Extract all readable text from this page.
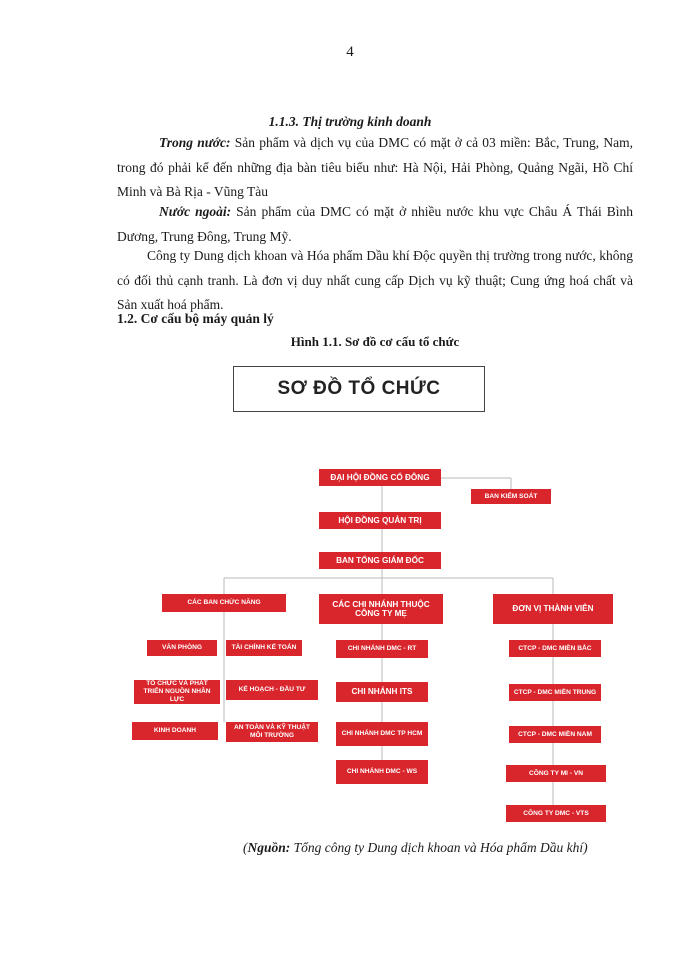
4
1.1.3. Thị trường kinh doanh

Trong nước: Sản phẩm và dịch vụ của DMC có mặt ở cả 03 miền: Bắc, Trung, Nam, trong đó phải kể đến những địa bàn tiêu biểu như: Hà Nội, Hải Phòng, Quảng Ngãi, Hồ Chí Minh và Bà Rịa - Vũng Tàu

Nước ngoài: Sản phẩm của DMC có mặt ở nhiều nước khu vực Châu Á Thái Bình Dương, Trung Đông, Trung Mỹ.

Công ty Dung dịch khoan và Hóa phẩm Dầu khí Độc quyền thị trường trong nước, không có đối thủ cạnh tranh. Là đơn vị duy nhất cung cấp Dịch vụ kỹ thuật; Cung ứng hoá chất và Sản xuất hoá phẩm.

1.2. Cơ cấu bộ máy quản lý
Hình 1.1. Sơ đồ cơ cấu tổ chức
SƠ ĐỒ TỔ CHỨC
ĐẠI HỘI ĐỒNG CỔ ĐÔNG
BAN KIỂM SOÁT
HỘI ĐỒNG QUẢN TRỊ
BAN TỔNG GIÁM ĐỐC
CÁC BAN CHỨC NĂNG	CÁC CHI NHÁNH THUỘC CÔNG TY MẸ
ĐƠN VỊ THÀNH VIÊN
VĂN PHÒNG	TÀI CHÍNH KẾ TOÁN
TỔ CHỨC VÀ PHÁT TRIỂN NGUỒN NHÂN LỰC
KẾ HOẠCH - ĐẦU TƯ
KINH DOANH	AN TOÀN VÀ KỸ THUẬT MÔI TRƯỜNG
CHI NHÁNH DMC - RT
CHI NHÁNH ITS
CHI NHÁNH DMC TP HCM
CHI NHÁNH DMC - WS
CTCP - DMC MIỀN BẮC
CTCP - DMC MIỀN TRUNG
CTCP - DMC MIỀN NAM
CÔNG TY MI - VN
CÔNG TY DMC - VTS
(Nguồn: Tổng công ty Dung dịch khoan và Hóa phẩm Dầu khí)
